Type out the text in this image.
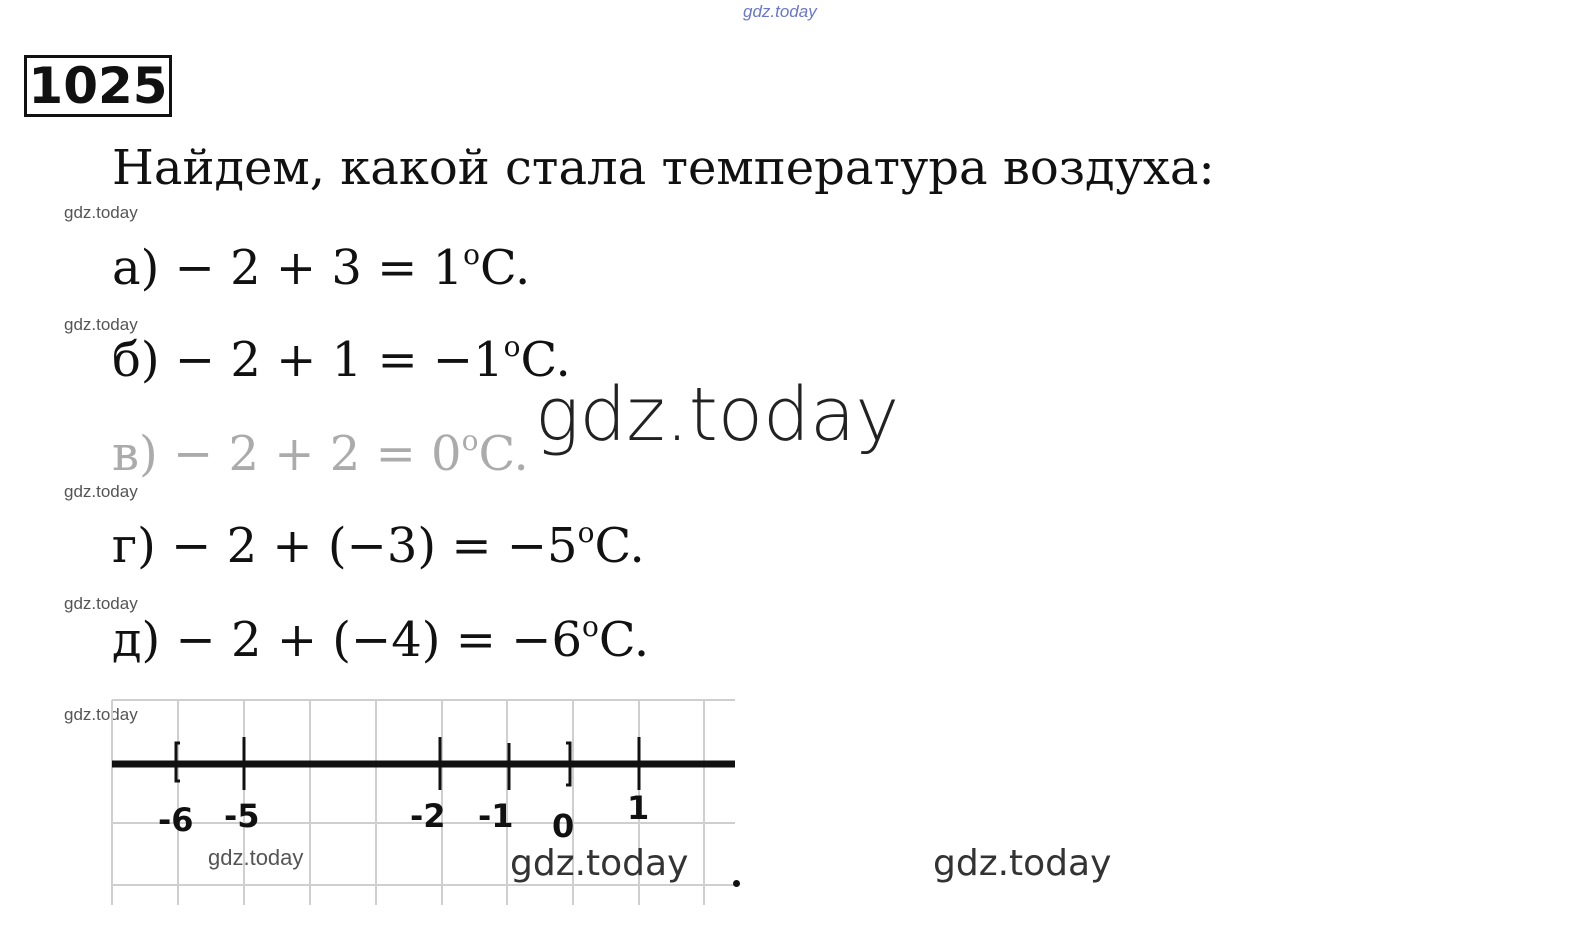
gdz.today
1025
Найдем, какой стала температура воздуха:
gdz.today
gdz.today
gdz.today
gdz.today
gdz.today
$а) - 2 + 3 = 1^oC$.
$б) - 2 + 1 = -1^oC$.
$в) - 2 + 2 = 0^oC$.
$г) - 2 + (-3) = -5^oC$.
$д) - 2 + (-4) = -6^oC$.
gdz.today
-6 -5	-2 -1 0 1
gdz.today	gdz.today	gdz.today
